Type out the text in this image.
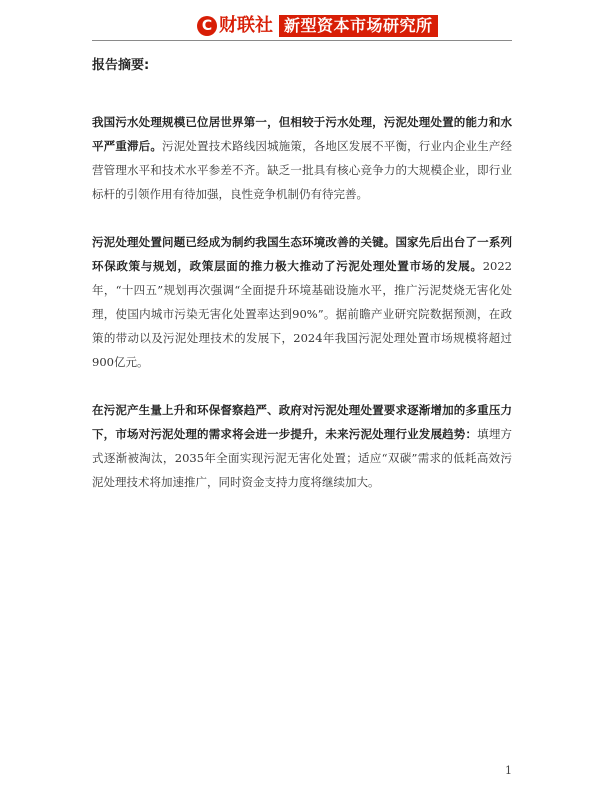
C 财联社 新型资本市场研究所
报告摘要:

我国污水处理规模已位居世界第一，但相较于污水处理，污泥处理处置的能力和水平严重滞后。污泥处置技术路线因城施策，各地区发展不平衡，行业内企业生产经营管理水平和技术水平参差不齐。缺乏一批具有核心竞争力的大规模企业，即行业标杆的引领作用有待加强，良性竞争机制仍有待完善。

污泥处理处置问题已经成为制约我国生态环境改善的关键。国家先后出台了一系列环保政策与规划，政策层面的推力极大推动了污泥处理处置市场的发展。2022年，“十四五”规划再次强调“全面提升环境基础设施水平，推广污泥焚烧无害化处理，使国内城市污染无害化处置率达到90%”。据前瞻产业研究院数据预测，在政策的带动以及污泥处理技术的发展下，2024年我国污泥处理处置市场规模将超过900亿元。

在污泥产生量上升和环保督察趋严、政府对污泥处理处置要求逐渐增加的多重压力下，市场对污泥处理的需求将会进一步提升，未来污泥处理行业发展趋势：填埋方式逐渐被淘汰，2035年全面实现污泥无害化处置；适应“双碳”需求的低耗高效污泥处理技术将加速推广，同时资金支持力度将继续加大。

1
